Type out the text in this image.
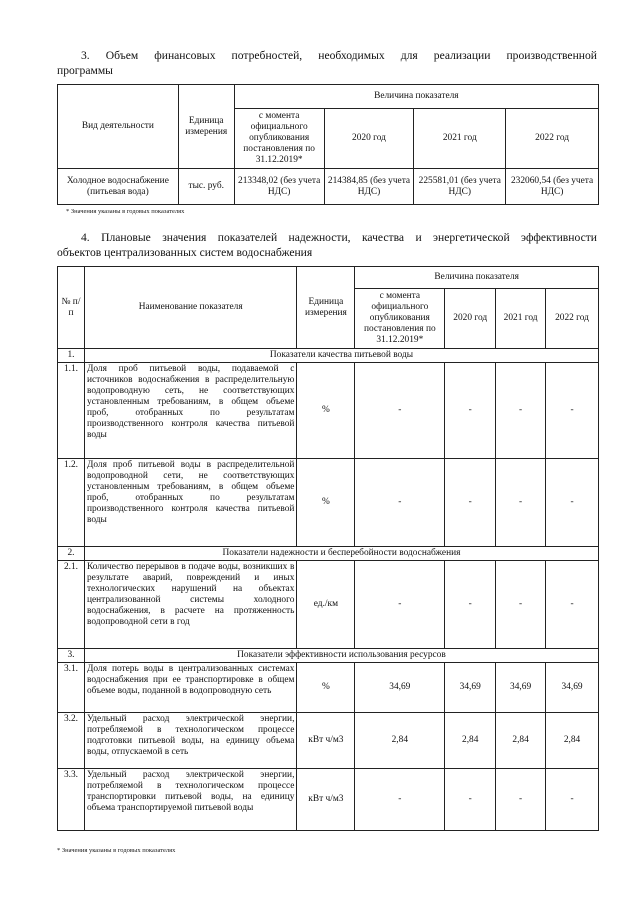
3. Объем финансовых потребностей, необходимых для реализации производственной
программы
Вид деятельности	Единица измерения	Величина показателя			
		с момента официального опубликования постановления по 31.12.2019*	2020 год	2021 год	2022 год
Холодное водоснабжение (питьевая вода)	тыс. руб.	213348,02 (без учета НДС)	214384,85 (без учета НДС)	225581,01 (без учета НДС)	232060,54 (без учета НДС)
* Значения указаны в годовых показателях
4. Плановые значения показателей надежности, качества и энергетической эффективности
объектов централизованных систем водоснабжения
№ п/п	Наименование показателя	Единица измерения	Величина показателя			
			с момента официального опубликования постановления по 31.12.2019*	2020 год	2021 год	2022 год
1.	Показатели качества питьевой воды					
1.1.	Доля проб питьевой воды, подаваемой с источников водоснабжения в распределительную водопроводную сеть, не соответствующих установленным требованиям, в общем объеме проб, отобранных по результатам производственного контроля качества питьевой воды	%	-	-	-	-
1.2.	Доля проб питьевой воды в распределительной водопроводной сети, не соответствующих установленным требованиям, в общем объеме проб, отобранных по результатам производственного контроля качества питьевой воды	%	-	-	-	-
2.	Показатели надежности и бесперебойности водоснабжения					
2.1.	Количество перерывов в подаче воды, возникших в результате аварий, повреждений и иных технологических нарушений на объектах централизованной системы холодного водоснабжения, в расчете на протяженность водопроводной сети в год	ед./км	-	-	-	-
3.	Показатели эффективности использования ресурсов					
3.1.	Доля потерь воды в централизованных системах водоснабжения при ее транспортировке в общем объеме воды, поданной в водопроводную сеть	%	34,69	34,69	34,69	34,69
3.2.	Удельный расход электрической энергии, потребляемой в технологическом процессе подготовки питьевой воды, на единицу объема воды, отпускаемой в сеть	кВт ч/м3	2,84	2,84	2,84	2,84
3.3.	Удельный расход электрической энергии, потребляемой в технологическом процессе транспортировки питьевой воды, на единицу объема транспортируемой питьевой воды	кВт ч/м3	-	-	-	-
* Значения указаны в годовых показателях
